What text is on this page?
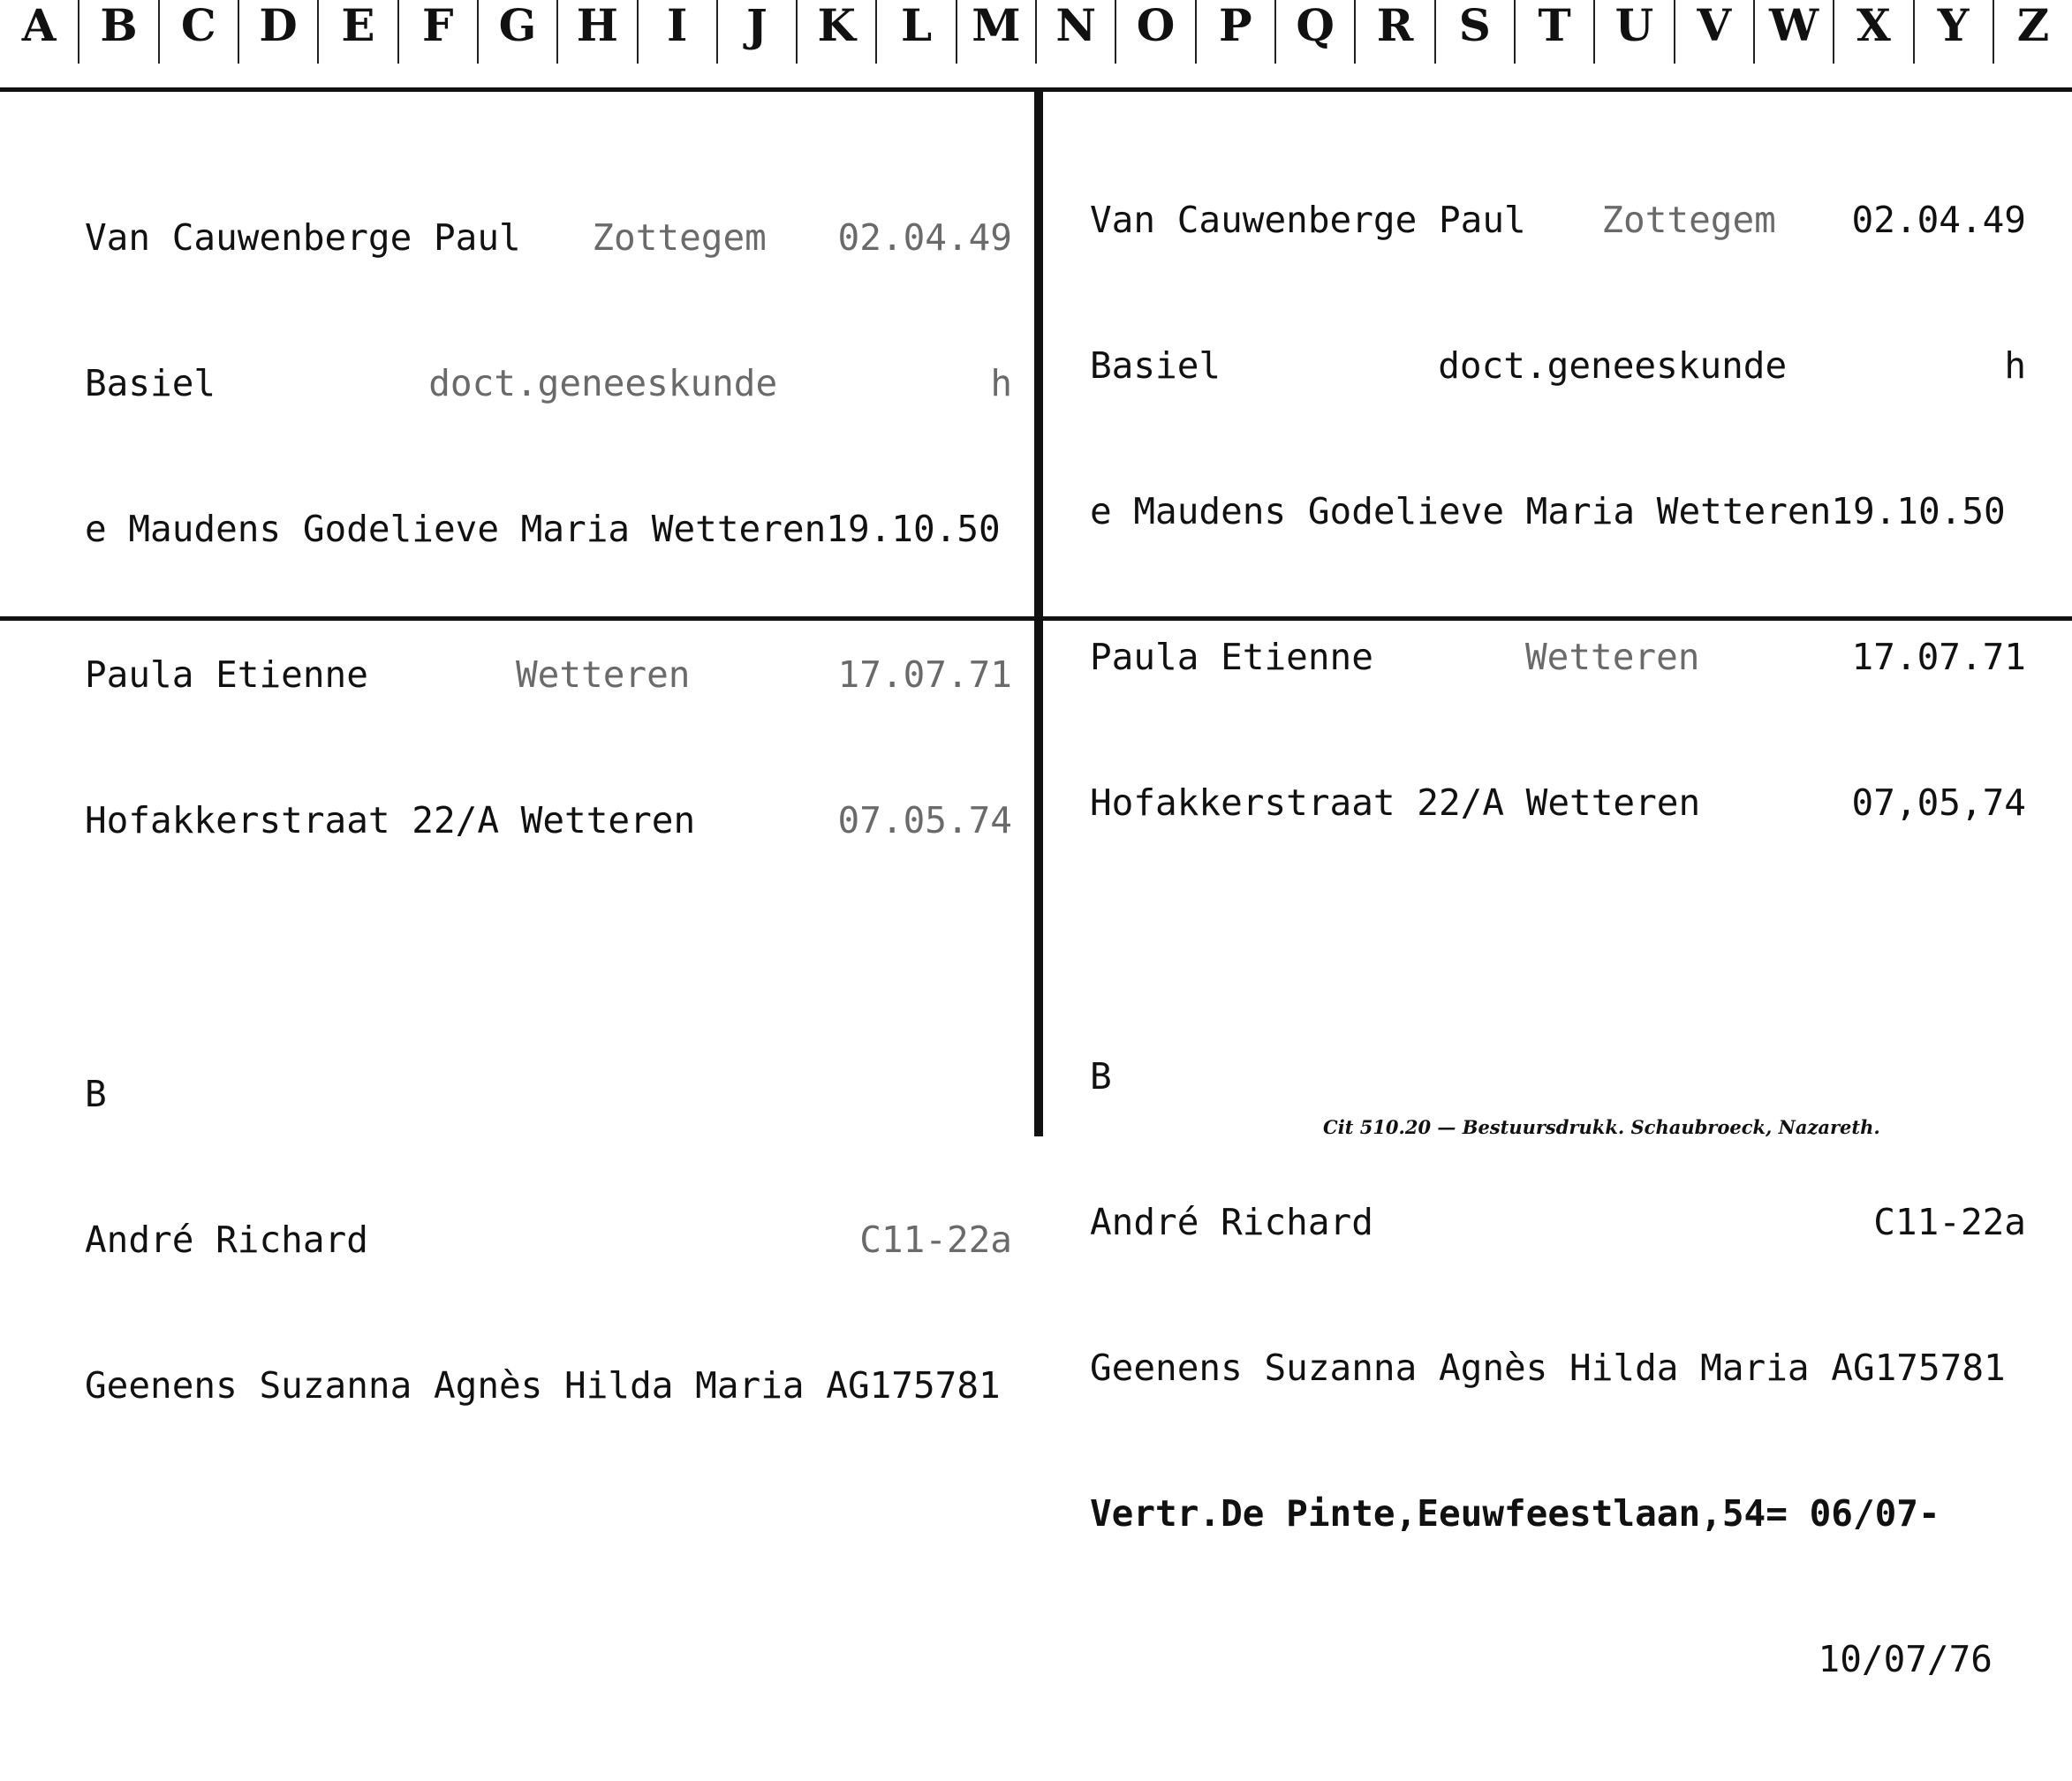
A B C D E	F	G H	I	J	K	L M N O P Q R	S	T U V W X	Y	Z

Van Cauwenberge Paul Zottegem 02.04.49

Basiel	doct.geneeskunde	h

e Maudens Godelieve Maria Wetteren19.10.50

Paula Etienne	Wetteren	17.07.71

Hofakkerstraat 22/A Wetteren	07.05.74

B

André Richard	C11-22a

Geenens Suzanna Agnès Hilda Maria AG175781

Van Cauwenberge Paul Zottegem 02.04.49

Basiel	doct.geneeskunde	h

e Maudens Godelieve Maria Wetteren19.10.50

Paula Etienne	Wetteren	17.07.71

Hofakkerstraat 22/A Wetteren	07,05,74

B

André Richard	C11-22a

Geenens Suzanna Agnès Hilda Maria AG175781

Vertr.De Pinte,Eeuwfeestlaan,54= 06/07-

10/07/76

Cit 510.20 — Bestuursdrukk. Schaubroeck, Nazareth.
